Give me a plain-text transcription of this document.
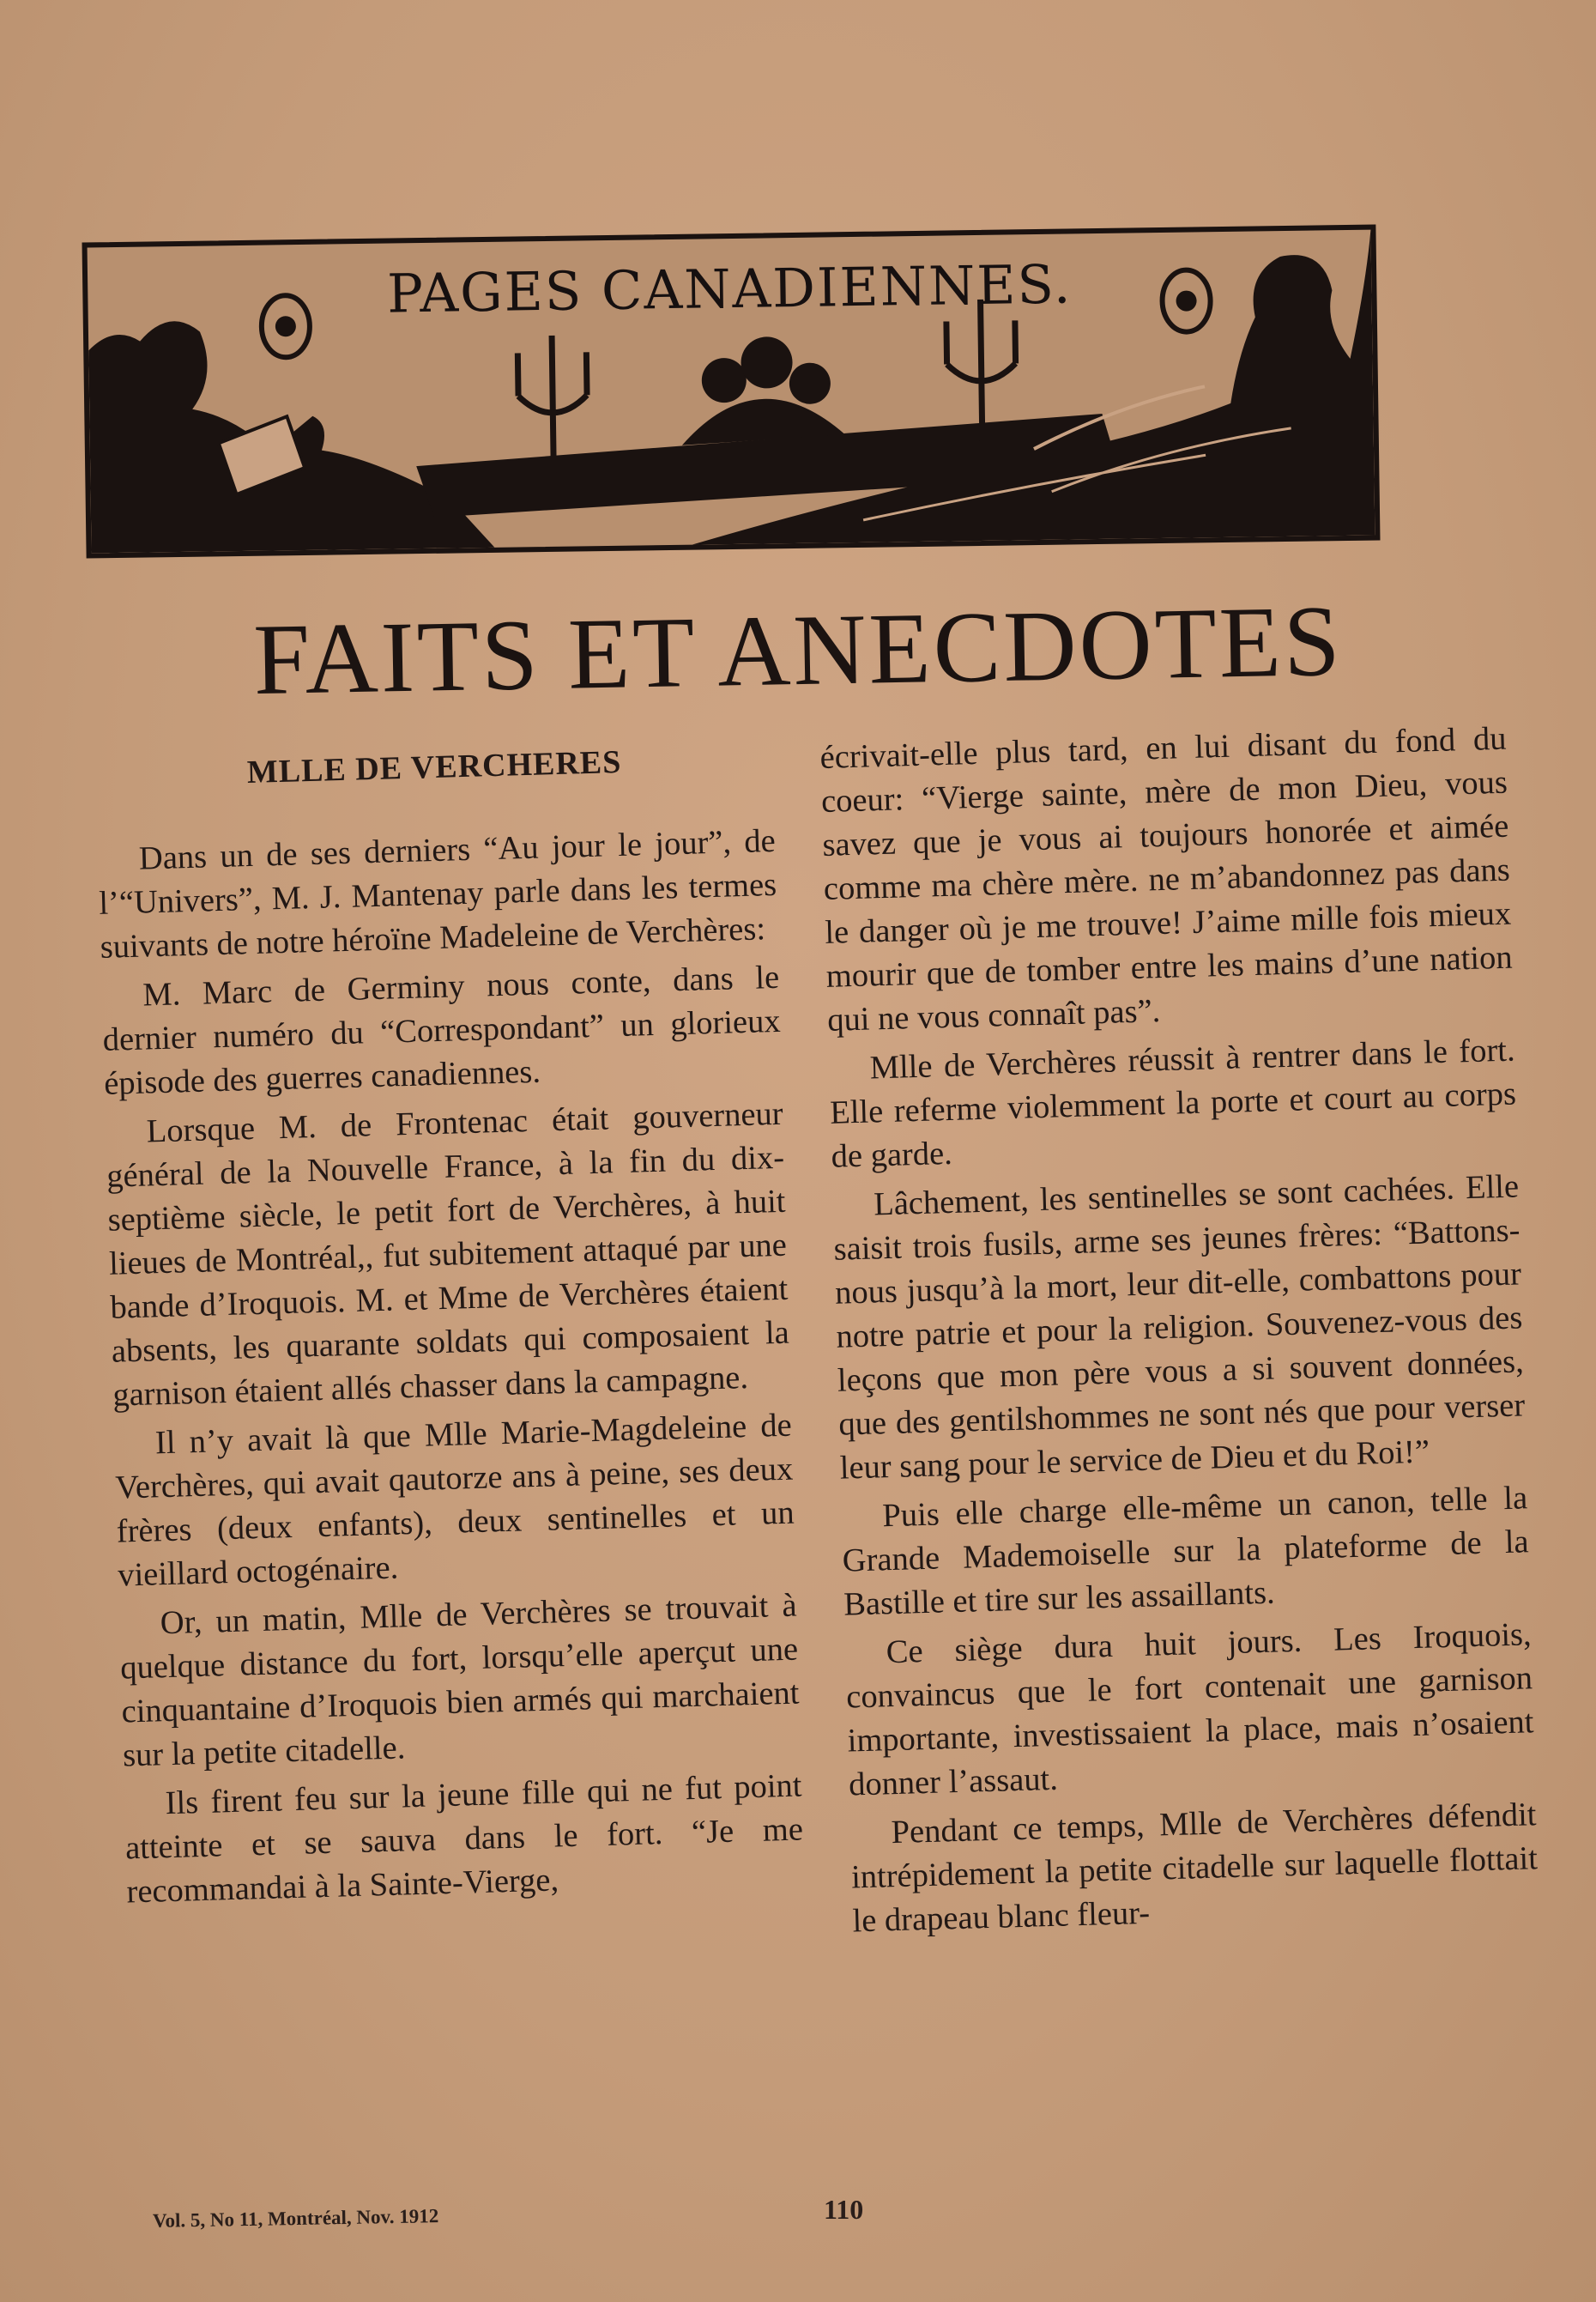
PAGES CANADIENNES.
FAITS ET ANECDOTES
MLLE DE VERCHERES

Dans un de ses derniers “Au jour le jour”, de l’“Univers”, M. J. Mantenay parle dans les termes suivants de notre héroïne Madeleine de Verchères:

M. Marc de Germiny nous conte, dans le dernier numéro du “Correspondant” un glorieux épisode des guerres canadiennes.

Lorsque M. de Frontenac était gouverneur général de la Nouvelle France, à la fin du dix-septième siècle, le petit fort de Verchères, à huit lieues de Montréal,, fut subitement attaqué par une bande d’Iroquois. M. et Mme de Verchères étaient absents, les quarante soldats qui composaient la garnison étaient allés chasser dans la campagne.

Il n’y avait là que Mlle Marie-Magdeleine de Verchères, qui avait qautorze ans à peine, ses deux frères (deux enfants), deux sentinelles et un vieillard octogénaire.

Or, un matin, Mlle de Verchères se trouvait à quelque distance du fort, lorsqu’elle aperçut une cinquantaine d’Iroquois bien armés qui marchaient sur la petite citadelle.

Ils firent feu sur la jeune fille qui ne fut point atteinte et se sauva dans le fort. “Je me recommandai à la Sainte-Vierge,

écrivait-elle plus tard, en lui disant du fond du coeur: “Vierge sainte, mère de mon Dieu, vous savez que je vous ai toujours honorée et aimée comme ma chère mère. ne m’abandonnez pas dans le danger où je me trouve! J’aime mille fois mieux mourir que de tomber entre les mains d’une nation qui ne vous connaît pas”.

Mlle de Verchères réussit à rentrer dans le fort. Elle referme violemment la porte et court au corps de garde.

Lâchement, les sentinelles se sont cachées. Elle saisit trois fusils, arme ses jeunes frères: “Battons-nous jusqu’à la mort, leur dit-elle, combattons pour notre patrie et pour la religion. Souvenez-vous des leçons que mon père vous a si souvent données, que des gentilshommes ne sont nés que pour verser leur sang pour le service de Dieu et du Roi!”

Puis elle charge elle-même un canon, telle la Grande Mademoiselle sur la plateforme de la Bastille et tire sur les assaillants.

Ce siège dura huit jours. Les Iroquois, convaincus que le fort contenait une garnison importante, investissaient la place, mais n’osaient donner l’assaut.

Pendant ce temps, Mlle de Verchères défendit intrépidement la petite citadelle sur laquelle flottait le drapeau blanc fleur-

Vol. 5, No 11, Montréal, Nov. 1912	110
